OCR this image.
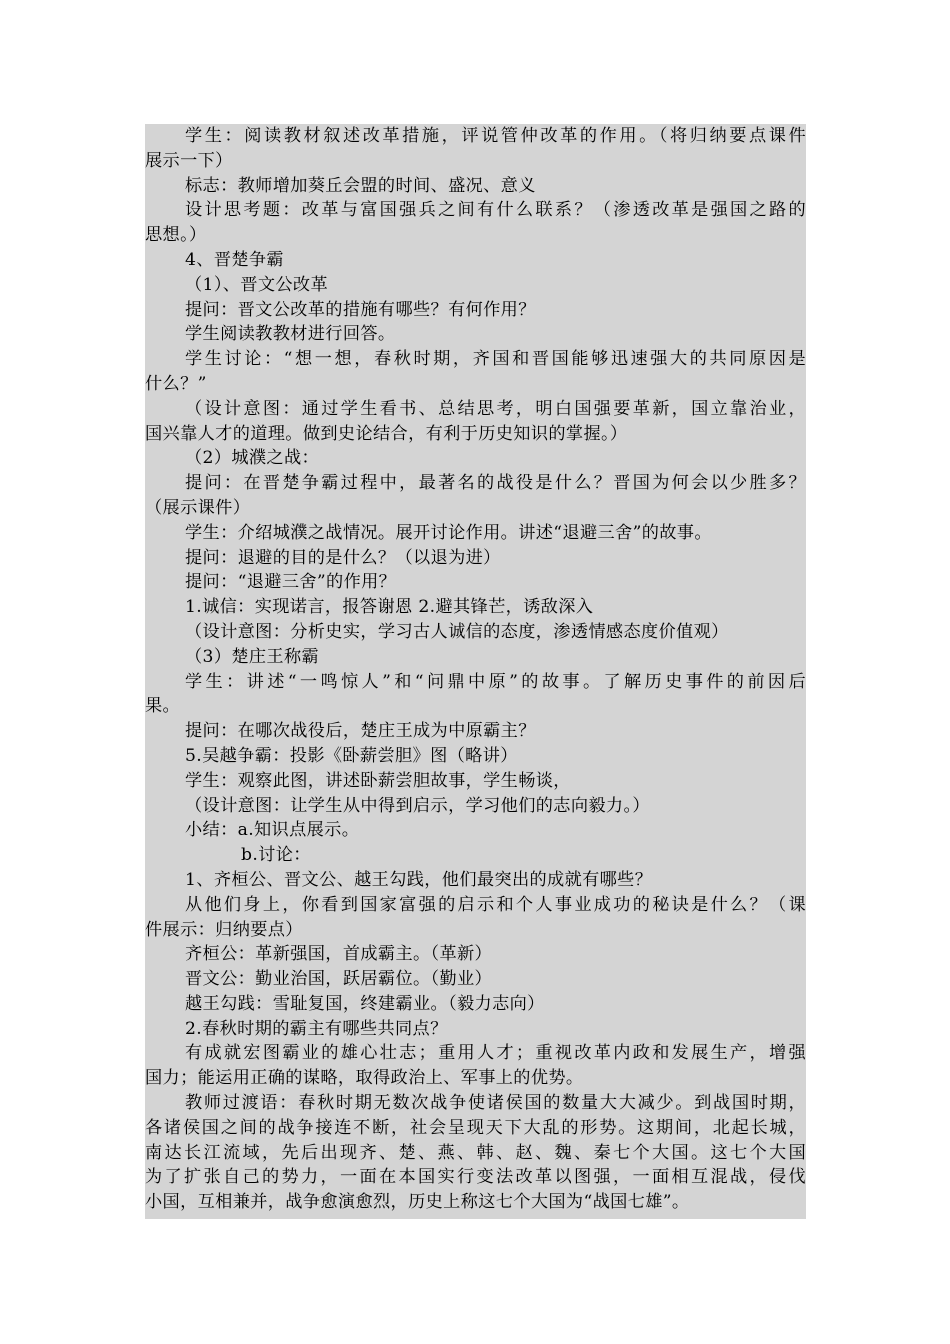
学生：阅读教材叙述改革措施，评说管仲改革的作用。（将归纳要点课件
展示一下）
标志：教师增加葵丘会盟的时间、盛况、意义
设计思考题：改革与富国强兵之间有什么联系？（渗透改革是强国之路的
思想。）
4、晋楚争霸
（1）、晋文公改革
提问：晋文公改革的措施有哪些？有何作用？
学生阅读教教材进行回答。
学生讨论：“想一想，春秋时期，齐国和晋国能够迅速强大的共同原因是
什么？”
（设计意图：通过学生看书、总结思考，明白国强要革新，国立靠治业，
国兴靠人才的道理。做到史论结合，有利于历史知识的掌握。）
（2）城濮之战：
提问：在晋楚争霸过程中，最著名的战役是什么？晋国为何会以少胜多？
（展示课件）
学生：介绍城濮之战情况。展开讨论作用。讲述“退避三舍”的故事。
提问：退避的目的是什么？（以退为进）
提问：“退避三舍”的作用？
1.诚信：实现诺言，报答谢恩 2.避其锋芒，诱敌深入
（设计意图：分析史实，学习古人诚信的态度，渗透情感态度价值观）
（3）楚庄王称霸
学生：讲述“一鸣惊人”和“问鼎中原”的故事。了解历史事件的前因后
果。
提问：在哪次战役后，楚庄王成为中原霸主？
5.吴越争霸：投影《卧薪尝胆》图（略讲）
学生：观察此图，讲述卧薪尝胆故事，学生畅谈，
（设计意图：让学生从中得到启示，学习他们的志向毅力。）
小结：a.知识点展示。
b.讨论：
1、齐桓公、晋文公、越王勾践，他们最突出的成就有哪些？
从他们身上，你看到国家富强的启示和个人事业成功的秘诀是什么？（课
件展示：归纳要点）
齐桓公：革新强国，首成霸主。（革新）
晋文公：勤业治国，跃居霸位。（勤业）
越王勾践：雪耻复国，终建霸业。（毅力志向）
2.春秋时期的霸主有哪些共同点？
有成就宏图霸业的雄心壮志；重用人才；重视改革内政和发展生产，增强
国力；能运用正确的谋略，取得政治上、军事上的优势。
教师过渡语：春秋时期无数次战争使诸侯国的数量大大减少。到战国时期，
各诸侯国之间的战争接连不断，社会呈现天下大乱的形势。这期间，北起长城，
南达长江流域，先后出现齐、楚、燕、韩、赵、魏、秦七个大国。这七个大国
为了扩张自己的势力，一面在本国实行变法改革以图强，一面相互混战，侵伐
小国，互相兼并，战争愈演愈烈，历史上称这七个大国为“战国七雄”。
